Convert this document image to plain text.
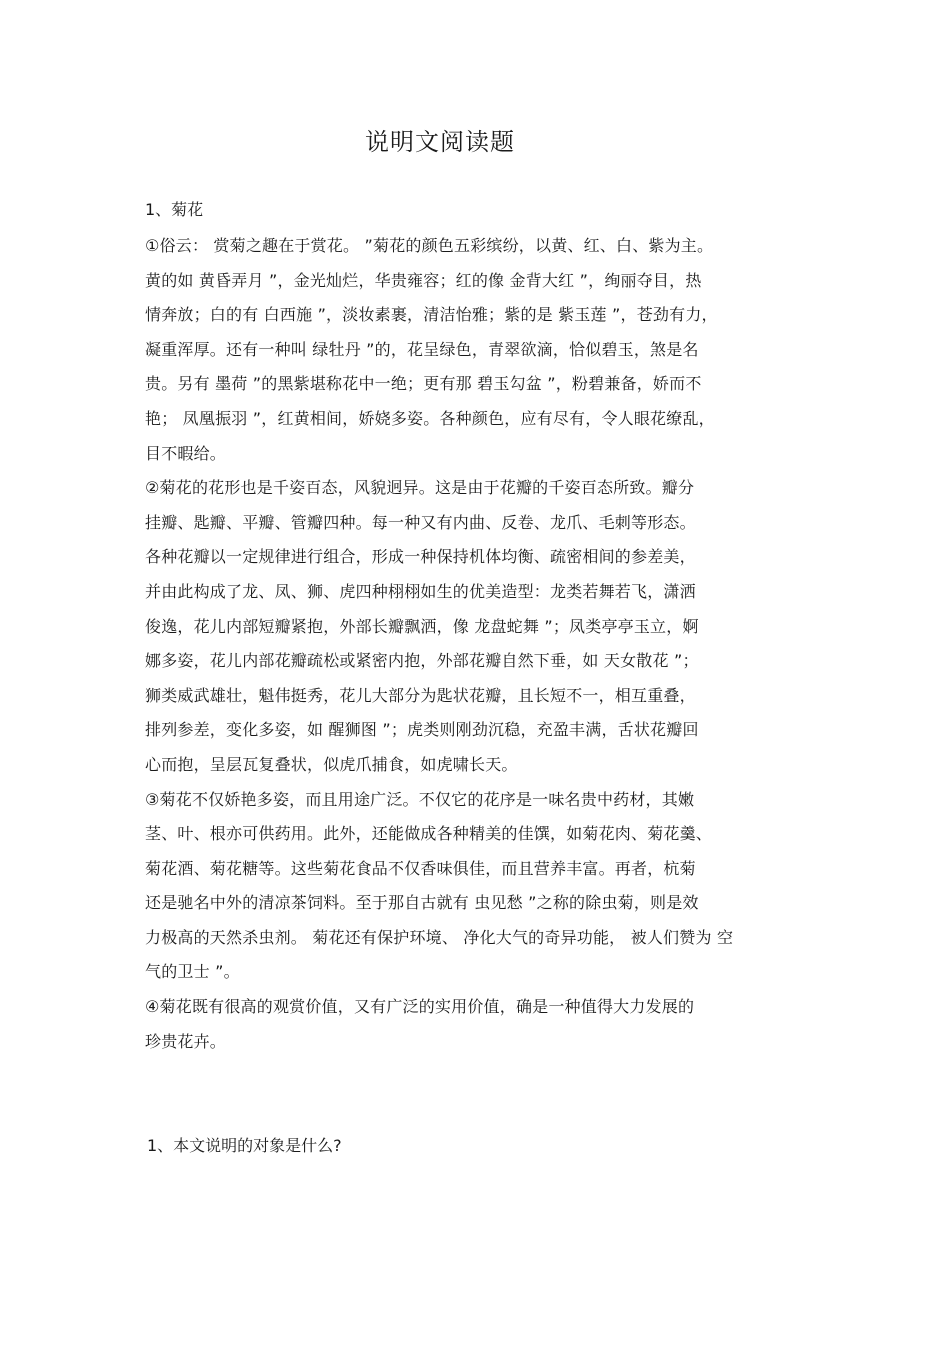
说明文阅读题
1、菊花
①俗云： 赏菊之趣在于赏花。 ”菊花的颜色五彩缤纷，以黄、红、白、紫为主。
黄的如 黄昏弄月 ”，金光灿烂，华贵雍容；红的像 金背大红 ”，绚丽夺目，热
情奔放；白的有 白西施 ”，淡妆素裹，清洁怡雅；紫的是 紫玉莲 ”，苍劲有力，
凝重浑厚。还有一种叫 绿牡丹 ”的，花呈绿色，青翠欲滴，恰似碧玉，煞是名
贵。另有 墨荷 ”的黑紫堪称花中一绝；更有那 碧玉勾盆 ”，粉碧兼备，娇而不
艳； 凤凰振羽 ”，红黄相间，娇娆多姿。各种颜色，应有尽有，令人眼花缭乱，
目不暇给。
②菊花的花形也是千姿百态，风貌迥异。这是由于花瓣的千姿百态所致。瓣分
挂瓣、匙瓣、平瓣、管瓣四种。每一种又有内曲、反卷、龙爪、毛刺等形态。
各种花瓣以一定规律进行组合，形成一种保持机体均衡、疏密相间的参差美，
并由此构成了龙、凤、狮、虎四种栩栩如生的优美造型：龙类若舞若飞，潇洒
俊逸，花儿内部短瓣紧抱，外部长瓣飘洒，像 龙盘蛇舞 ”；凤类亭亭玉立，婀
娜多姿，花儿内部花瓣疏松或紧密内抱，外部花瓣自然下垂，如 天女散花 ”；
狮类威武雄壮，魁伟挺秀，花儿大部分为匙状花瓣，且长短不一，相互重叠，
排列参差，变化多姿，如 醒狮图 ”；虎类则刚劲沉稳，充盈丰满，舌状花瓣回
心而抱，呈层瓦复叠状，似虎爪捕食，如虎啸长天。
③菊花不仅娇艳多姿，而且用途广泛。不仅它的花序是一味名贵中药材，其嫩
茎、叶、根亦可供药用。此外，还能做成各种精美的佳馔，如菊花肉、菊花羹、
菊花酒、菊花糖等。这些菊花食品不仅香味俱佳，而且营养丰富。再者，杭菊
还是驰名中外的清凉茶饲料。至于那自古就有 虫见愁 ”之称的除虫菊，则是效
力极高的天然杀虫剂。 菊花还有保护环境、 净化大气的奇异功能， 被人们赞为 空
气的卫士 ”。
④菊花既有很高的观赏价值，又有广泛的实用价值，确是一种值得大力发展的
珍贵花卉。
1、本文说明的对象是什么?
